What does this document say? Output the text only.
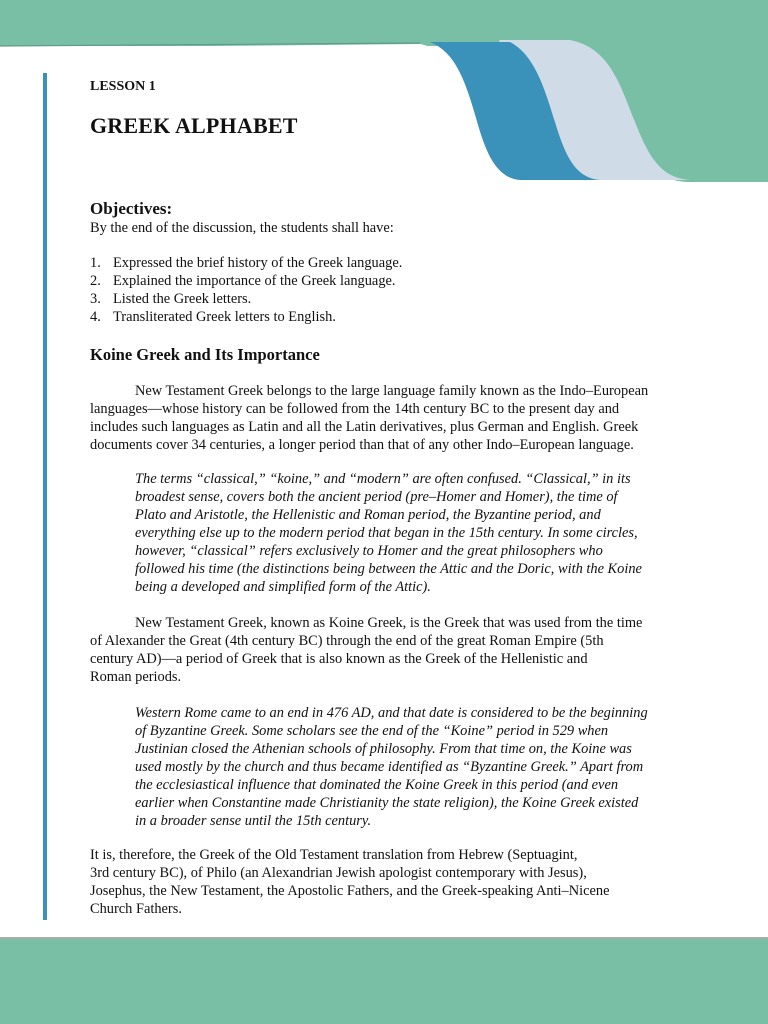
LESSON 1
GREEK ALPHABET
Objectives:
By the end of the discussion, the students shall have:
1. Expressed the brief history of the Greek language.
2. Explained the importance of the Greek language.
3. Listed the Greek letters.
4. Transliterated Greek letters to English.
Koine Greek and Its Importance
New Testament Greek belongs to the large language family known as the Indo–European
languages—whose history can be followed from the 14th century BC to the present day and
includes such languages as Latin and all the Latin derivatives, plus German and English. Greek
documents cover 34 centuries, a longer period than that of any other Indo–European language.
The terms “classical,” “koine,” and “modern” are often confused. “Classical,” in its
broadest sense, covers both the ancient period (pre–Homer and Homer), the time of
Plato and Aristotle, the Hellenistic and Roman period, the Byzantine period, and
everything else up to the modern period that began in the 15th century. In some circles,
however, “classical” refers exclusively to Homer and the great philosophers who
followed his time (the distinctions being between the Attic and the Doric, with the Koine
being a developed and simplified form of the Attic).
New Testament Greek, known as Koine Greek, is the Greek that was used from the time
of Alexander the Great (4th century BC) through the end of the great Roman Empire (5th
century AD)—a period of Greek that is also known as the Greek of the Hellenistic and
Roman periods.
Western Rome came to an end in 476 AD, and that date is considered to be the beginning
of Byzantine Greek. Some scholars see the end of the “Koine” period in 529 when
Justinian closed the Athenian schools of philosophy. From that time on, the Koine was
used mostly by the church and thus became identified as “Byzantine Greek.” Apart from
the ecclesiastical influence that dominated the Koine Greek in this period (and even
earlier when Constantine made Christianity the state religion), the Koine Greek existed
in a broader sense until the 15th century.
It is, therefore, the Greek of the Old Testament translation from Hebrew (Septuagint,
3rd century BC), of Philo (an Alexandrian Jewish apologist contemporary with Jesus),
Josephus, the New Testament, the Apostolic Fathers, and the Greek-speaking Anti–Nicene
Church Fathers.
